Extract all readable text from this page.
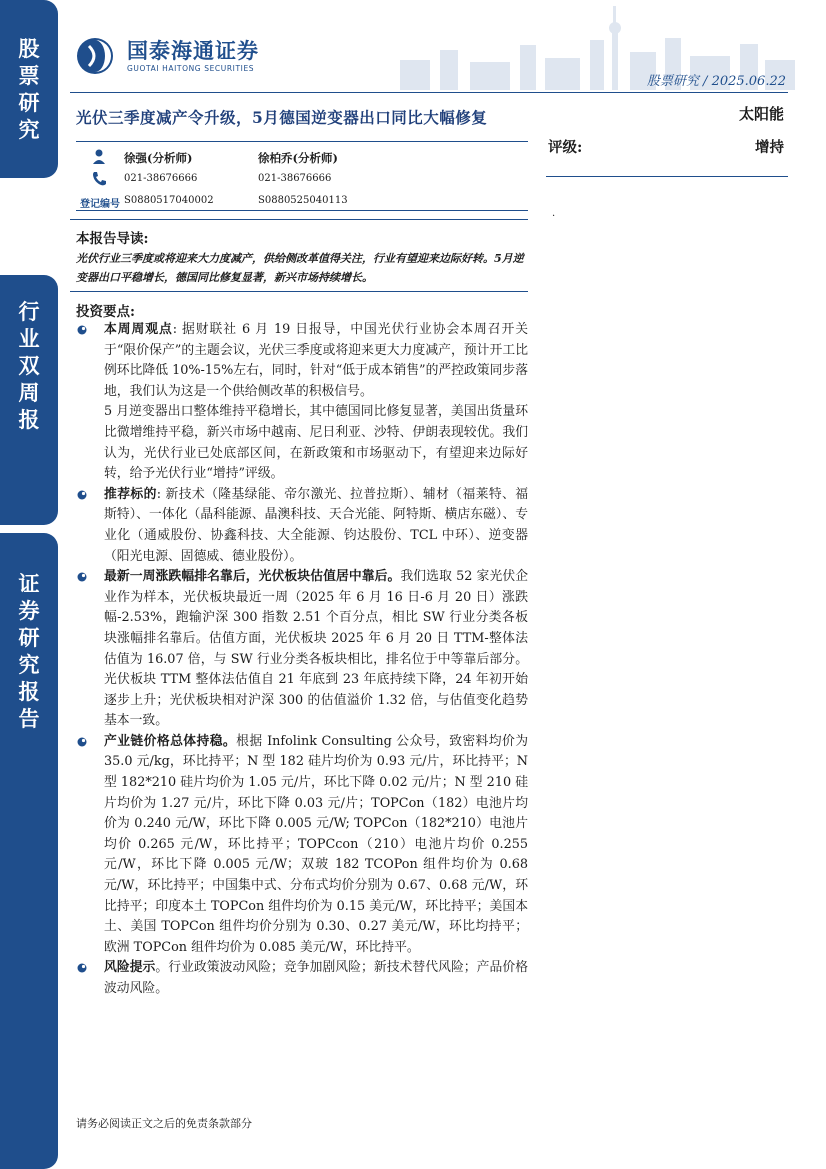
股票研究
行业双周报
证券研究报告
国泰海通证券
GUOTAI HAITONG SECURITIES
股票研究 / 2025.06.22
光伏三季度减产令升级，5月德国逆变器出口同比大幅修复	太阳能
徐强(分析师)
021-38676666
S0880517040002
徐柏乔(分析师)
021-38676666
S0880525040113
登记编号
评级:	增持
.
本报告导读:
光伏行业三季度或将迎来大力度减产，供给侧改革值得关注，行业有望迎来边际好转。5月逆变器出口平稳增长，德国同比修复显著，新兴市场持续增长。
投资要点:
本周周观点: 据财联社 6 月 19 日报导，中国光伏行业协会本周召开关于“限价保产”的主题会议，光伏三季度或将迎来更大力度减产，预计开工比例环比降低 10%-15%左右，同时，针对“低于成本销售”的严控政策同步落地，我们认为这是一个供给侧改革的积极信号。
5 月逆变器出口整体维持平稳增长，其中德国同比修复显著，美国出货量环比微增维持平稳，新兴市场中越南、尼日利亚、沙特、伊朗表现较优。我们认为，光伏行业已处底部区间，在新政策和市场驱动下，有望迎来边际好转，给予光伏行业“增持”评级。
推荐标的: 新技术（隆基绿能、帝尔激光、拉普拉斯）、辅材（福莱特、福斯特）、一体化（晶科能源、晶澳科技、天合光能、阿特斯、横店东磁）、专业化（通威股份、协鑫科技、大全能源、钧达股份、TCL 中环）、逆变器（阳光电源、固德威、德业股份）。
最新一周涨跌幅排名靠后，光伏板块估值居中靠后。我们选取 52 家光伏企业作为样本，光伏板块最近一周（2025 年 6 月 16 日-6 月 20 日）涨跌幅-2.53%，跑输沪深 300 指数 2.51 个百分点，相比 SW 行业分类各板块涨幅排名靠后。估值方面，光伏板块 2025 年 6 月 20 日 TTM-整体法估值为 16.07 倍，与 SW 行业分类各板块相比，排名位于中等靠后部分。光伏板块 TTM 整体法估值自 21 年底到 23 年底持续下降，24 年初开始逐步上升；光伏板块相对沪深 300 的估值溢价 1.32 倍，与估值变化趋势基本一致。
产业链价格总体持稳。根据 Infolink Consulting 公众号，致密料均价为 35.0 元/kg，环比持平；N 型 182 硅片均价为 0.93 元/片，环比持平；N 型 182*210 硅片均价为 1.05 元/片，环比下降 0.02 元/片；N 型 210 硅片均价为 1.27 元/片，环比下降 0.03 元/片；TOPCon（182）电池片均价为 0.240 元/W，环比下降 0.005 元/W; TOPCon（182*210）电池片均价 0.265 元/W，环比持平；TOPCcon（210）电池片均价 0.255 元/W，环比下降 0.005 元/W；双玻 182 TCOPon 组件均价为 0.68 元/W，环比持平；中国集中式、分布式均价分别为 0.67、0.68 元/W，环比持平；印度本土 TOPCon 组件均价为 0.15 美元/W，环比持平；美国本土、美国 TOPCon 组件均价分别为 0.30、0.27 美元/W，环比均持平；欧洲 TOPCon 组件均价为 0.085 美元/W，环比持平。
风险提示。行业政策波动风险；竞争加剧风险；新技术替代风险；产品价格波动风险。
请务必阅读正文之后的免责条款部分
